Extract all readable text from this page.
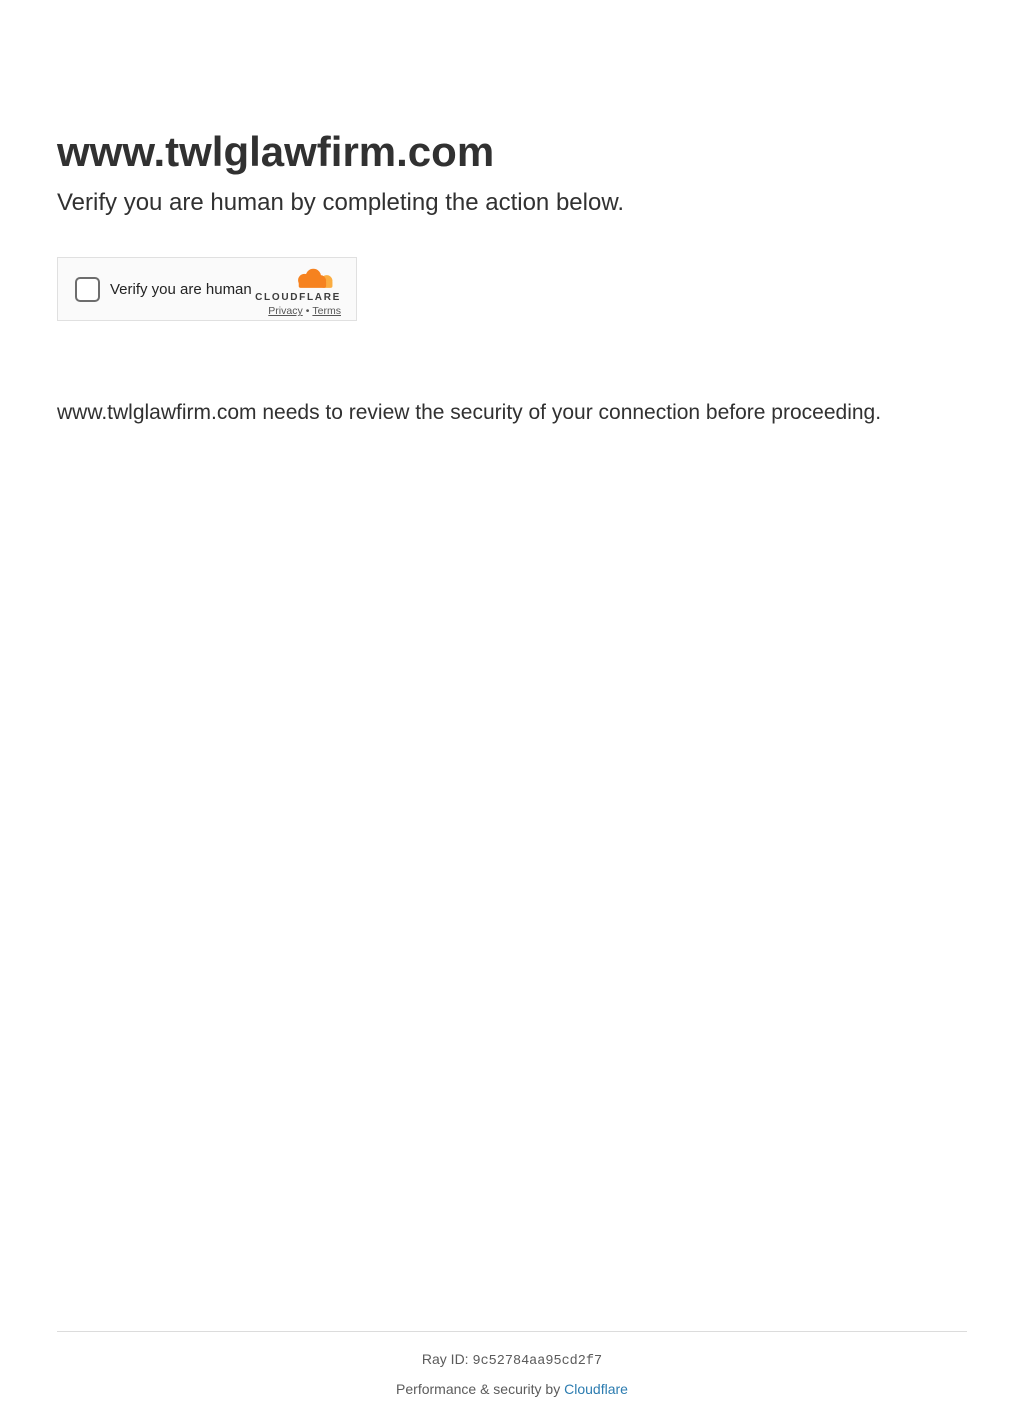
www.twlglawfirm.com
Verify you are human by completing the action below.
Verify you are human CLOUDFLARE
Privacy • Terms

www.twlglawfirm.com needs to review the security of your connection before proceeding.

Ray ID: 9c52784aa95cd2f7

Performance & security by Cloudflare
